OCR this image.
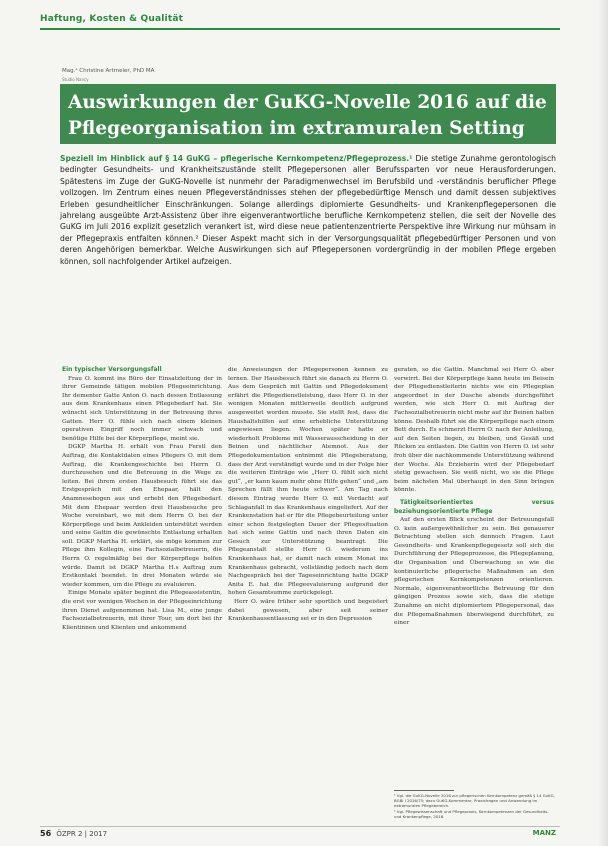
Haftung, Kosten & Qualität
Mag.ᵃ Christine Artmeier, PhD MA
Studio Nancy
Auswirkungen der GuKG-Novelle 2016 auf die
Pflegeorganisation im extramuralen Setting
Speziell im Hinblick auf § 14 GuKG – pflegerische Kernkompetenz/Pflegeprozess.¹ Die stetige Zunahme gerontologisch bedingter Gesundheits- und Krankheitszustände stellt Pflegepersonen aller Berufssparten vor neue Herausforderungen. Spätestens im Zuge der GuKG-Novelle ist nunmehr der Paradigmenwechsel im Berufsbild und -verständnis beruflicher Pflege vollzogen. Im Zentrum eines neuen Pflegeverständnisses stehen der pflegebedürftige Mensch und damit dessen subjektives Erleben gesundheitlicher Einschränkungen. Solange allerdings diplomierte Gesundheits- und Krankenpflegepersonen die jahrelang ausgeübte Arzt-Assistenz über ihre eigenverantwortliche berufliche Kernkompetenz stellen, die seit der Novelle des GuKG im Juli 2016 explizit gesetzlich verankert ist, wird diese neue patientenzentrierte Perspektive ihre Wirkung nur mühsam in der Pflegepraxis entfalten können.² Dieser Aspekt macht sich in der Versorgungsqualität pflegebedürftiger Personen und von deren Angehörigen bemerkbar. Welche Auswirkungen sich auf Pflegepersonen vordergründig in der mobilen Pflege ergeben können, soll nachfolgender Artikel aufzeigen.

Ein typischer Versorgungsfall

Frau O. kommt ins Büro der Einsatzleitung der in ihrer Gemeinde tätigen mobilen Pflegeeinrichtung. Ihr dementer Gatte Anton O. nach dessen Entlassung aus dem Krankenhaus einen Pflegebedarf hat. Sie wünscht sich Unterstützung in der Betreuung ihres Gatten. Herr O. fühle sich nach einem kleinen operativen Eingriff noch immer schwach und benötige Hilfe bei der Körperpflege, meint sie.

DGKP Martha H. erhält von Frau Ferstl den Auftrag, die Kontaktdaten eines Pflegers O. mit dem Auftrag, die Krankengeschichte bei Herrn O. durchzusehen und die Betreuung in die Wege zu leiten. Bei ihrem ersten Hausbesuch führt sie das Erstgespräch mit den Ehepaar, hält den Anamnesebogen aus und erhebt den Pflegebedarf. Mit dem Ehepaar werden drei Hausbesuche pro Woche vereinbart, wo mit dem Herrn O. bei der Körperpflege und beim Ankleiden unterstützt werden und seine Gattin die gewünschte Entlastung erhalten soll. DGKP Martha H. erklärt, sie möge kommen zur Pflege ihm Kollegin, eine Fachsozialbetreuerin, die Herrn O. regelmäßig bei der Körperpflege helfen würde. Damit ist DGKP Martha H.s Auftrag zum Erstkontakt beendet. In drei Monaten würde sie wieder kommen, um die Pflege zu evaluieren.

Einige Monate später beginnt die Pflegeassistentin, die erst vor wenigen Wochen in der Pflegeeinrichtung ihren Dienst aufgenommen hat. Lisa M., eine junge Fachsozialbetreuerin, mit ihrer Tour, um dort bei ihr Klientinnen und Klienten und ankommend

die Anweisungen der Pflegepersonen kennen zu lernen. Der Hausbesuch führt sie danach zu Herrn O. Aus dem Gespräch mit Gattin und Pflegedokument erfährt die Pflegedienstleistung, dass Herr O. in der wenigen Monaten mittlerweile deutlich aufgrund ausgeweitet worden musste. Sie stellt fest, dass die Haushaltshilfen auf eine erhebliche Unterstützung angewiesen liegen. Wochen später hatte er wiederholt Probleme mit Wasserausscheidung in der Beinen und nächtlicher Atemnot. Aus der Pflegedokumentation entnimmt die Pflegeberatung, dass der Arzt verständigt wurde und in der Folge hier die weiteren Einträge wie „Herr O. fühlt sich nicht gut“, „er kann kaum mehr ohne Hilfe gehen“ und „am Sprechen fällt ihm heute schwer“. Am Tag nach diesem Eintrag wurde Herr O. mit Verdacht auf Schlaganfall in das Krankenhaus eingeliefert. Auf der Krankenstation hat er für die Pflegebeurteilung unter einer schon festgelegten Dauer der Pflegesituation hat sich seine Gattin und nach ihren Daten ein Gesuch zur Unterstützung beantragt. Die Pflegeanstalt stellte Herr O. wiederum ins Krankenhaus hat, er damit nach einem Monat ins Krankenhaus gebracht, vollständig jedoch nach dem Nachgespräch bei der Tageseinrichtung hatte DGKP Anita E. hat die Pflegeevaluierung aufgrund der hohen Gesamtsumme zurückgelegt.

Herr O. wäre früher sehr sportlich und begeistert dabei gewesen, aber seit seiner Krankenhausentlassung sei er in den Depression

geraten, so die Gattin. Manchmal sei Herr O. aber verwirrt. Bei der Körperpflege kann heute im Beisein der Pflegedienstleiterin nichts wie ein Pflegeplan angeordnet in der Dusche abends durchgeführt werden, wie sich Herr O. mit Auftrag der Fachsozialbetreuerin nicht mehr auf ihr Beinen halten könne. Deshalb führt sie die Körperpflege nach einem Bett durch. Es schmerzt Herrn O. nach der Anleitung, auf den Seiten liegen, zu bleiben, und Gesäß und Rücken zu entlasten. Die Gattin von Herrn O. ist sehr froh über die nachkommende Unterstützung während der Woche. Als Erzieherin wird der Pflegebedarf stetig gewachsen. Sie weiß nicht, wo sie die Pflege beim nächsten Mal überhaupt in den Sinn bringen könnte.

Tätigkeitsorientiertes versus beziehungsorientierte Pflege

Auf den ersten Blick erscheint der Betreuungsfall O. kein außergewöhnlicher zu sein. Bei genauerer Betrachtung stellen sich dennoch Fragen. Laut Gesundheits- und Krankenpflegegesetz soll sich die Durchführung der Pflegeprozesse, die Pflegeplanung, die Organisation und Überwachung so wie die kontinuierliche pflegerische Maßnahmen an den pflegerischen Kernkompetenzen orientieren. Normale, eigenverantwortliche Betreuung für den gängigen Prozess sowie sich, dass die stetige Zunahme an nicht diplomiertem Pflegepersonal, das die Pflegemaßnahmen überwiegend durchführt, zu einer

¹ Vgl. die GuKG-Novelle 2016 zur pflegerischen Kernkompetenz gemäß § 14 GuKG, BGBl I 2016/75; dazu GuKG-Kommentar, Praxisfragen und Anwendung im extramuralen Pflegebereich.
² Vgl. Pflegewissenschaft und Pflegepraxis, Kernkompetenzen der Gesundheits- und Krankenpflege, 2016.
56 ÖZPR 2 | 2017	MANZ
